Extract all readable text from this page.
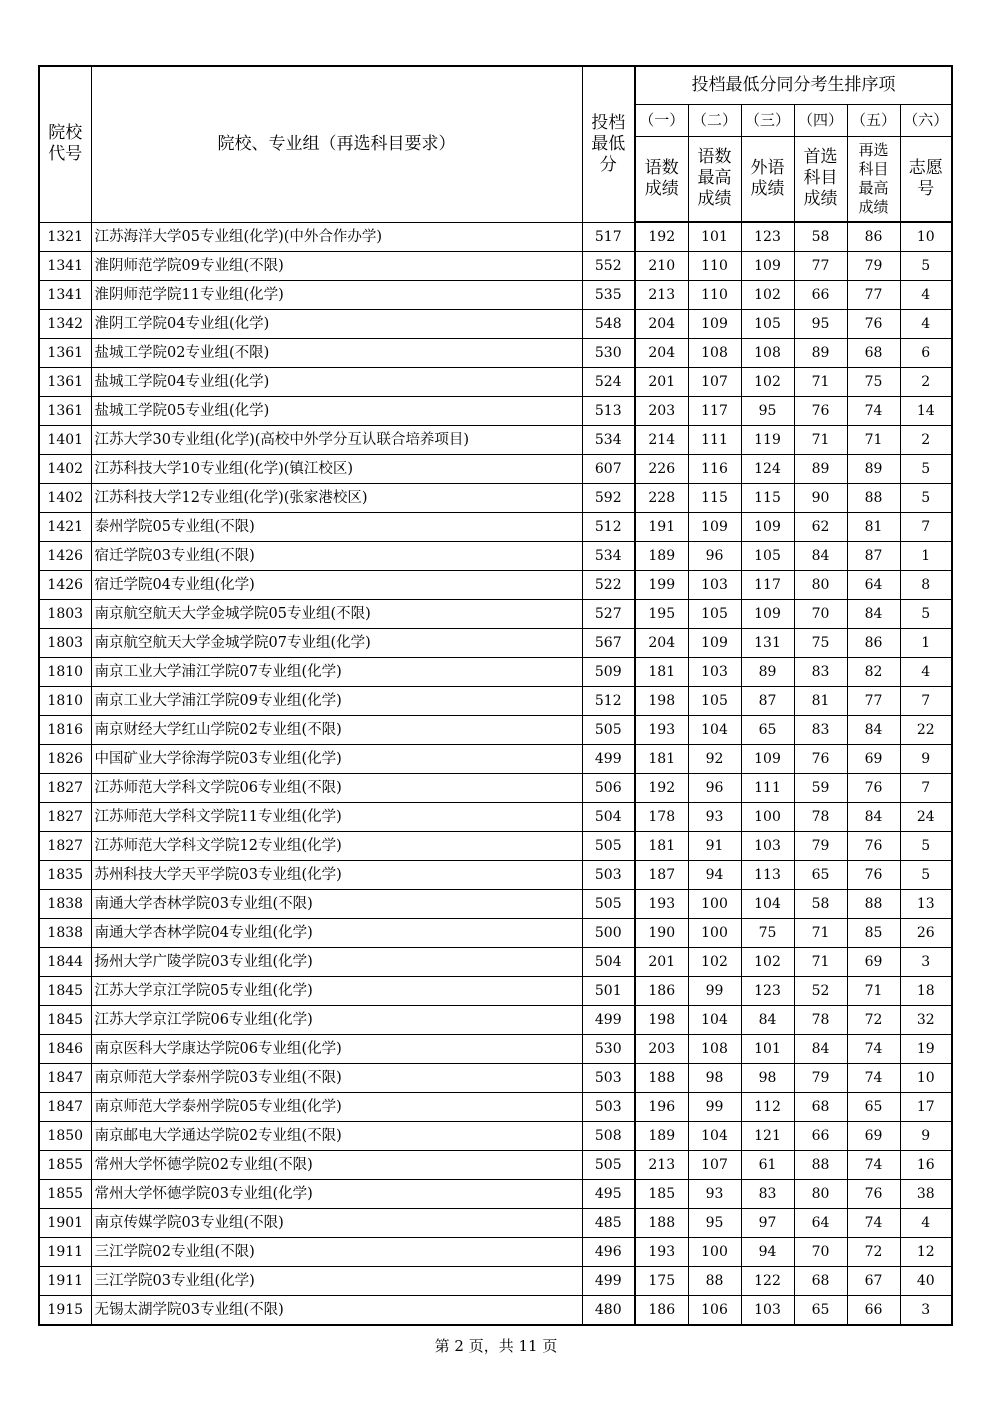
院校代号	院校、专业组（再选科目要求）	投档最低分	投档最低分同分考生排序项					
			（一）	（二）	（三）	（四）	（五）	（六）
			语数成绩	语数最高成绩	外语成绩	首选科目成绩	再选科目最高成绩	志愿号
1321	江苏海洋大学05专业组(化学)(中外合作办学)	517	192	101	123	58	86	10
1341	淮阴师范学院09专业组(不限)	552	210	110	109	77	79	5
1341	淮阴师范学院11专业组(化学)	535	213	110	102	66	77	4
1342	淮阴工学院04专业组(化学)	548	204	109	105	95	76	4
1361	盐城工学院02专业组(不限)	530	204	108	108	89	68	6
1361	盐城工学院04专业组(化学)	524	201	107	102	71	75	2
1361	盐城工学院05专业组(化学)	513	203	117	95	76	74	14
1401	江苏大学30专业组(化学)(高校中外学分互认联合培养项目)	534	214	111	119	71	71	2
1402	江苏科技大学10专业组(化学)(镇江校区)	607	226	116	124	89	89	5
1402	江苏科技大学12专业组(化学)(张家港校区)	592	228	115	115	90	88	5
1421	泰州学院05专业组(不限)	512	191	109	109	62	81	7
1426	宿迁学院03专业组(不限)	534	189	96	105	84	87	1
1426	宿迁学院04专业组(化学)	522	199	103	117	80	64	8
1803	南京航空航天大学金城学院05专业组(不限)	527	195	105	109	70	84	5
1803	南京航空航天大学金城学院07专业组(化学)	567	204	109	131	75	86	1
1810	南京工业大学浦江学院07专业组(化学)	509	181	103	89	83	82	4
1810	南京工业大学浦江学院09专业组(化学)	512	198	105	87	81	77	7
1816	南京财经大学红山学院02专业组(不限)	505	193	104	65	83	84	22
1826	中国矿业大学徐海学院03专业组(化学)	499	181	92	109	76	69	9
1827	江苏师范大学科文学院06专业组(不限)	506	192	96	111	59	76	7
1827	江苏师范大学科文学院11专业组(化学)	504	178	93	100	78	84	24
1827	江苏师范大学科文学院12专业组(化学)	505	181	91	103	79	76	5
1835	苏州科技大学天平学院03专业组(化学)	503	187	94	113	65	76	5
1838	南通大学杏林学院03专业组(不限)	505	193	100	104	58	88	13
1838	南通大学杏林学院04专业组(化学)	500	190	100	75	71	85	26
1844	扬州大学广陵学院03专业组(化学)	504	201	102	102	71	69	3
1845	江苏大学京江学院05专业组(化学)	501	186	99	123	52	71	18
1845	江苏大学京江学院06专业组(化学)	499	198	104	84	78	72	32
1846	南京医科大学康达学院06专业组(化学)	530	203	108	101	84	74	19
1847	南京师范大学泰州学院03专业组(不限)	503	188	98	98	79	74	10
1847	南京师范大学泰州学院05专业组(化学)	503	196	99	112	68	65	17
1850	南京邮电大学通达学院02专业组(不限)	508	189	104	121	66	69	9
1855	常州大学怀德学院02专业组(不限)	505	213	107	61	88	74	16
1855	常州大学怀德学院03专业组(化学)	495	185	93	83	80	76	38
1901	南京传媒学院03专业组(不限)	485	188	95	97	64	74	4
1911	三江学院02专业组(不限)	496	193	100	94	70	72	12
1911	三江学院03专业组(化学)	499	175	88	122	68	67	40
1915	无锡太湖学院03专业组(不限)	480	186	106	103	65	66	3
第 2 页，共 11 页
